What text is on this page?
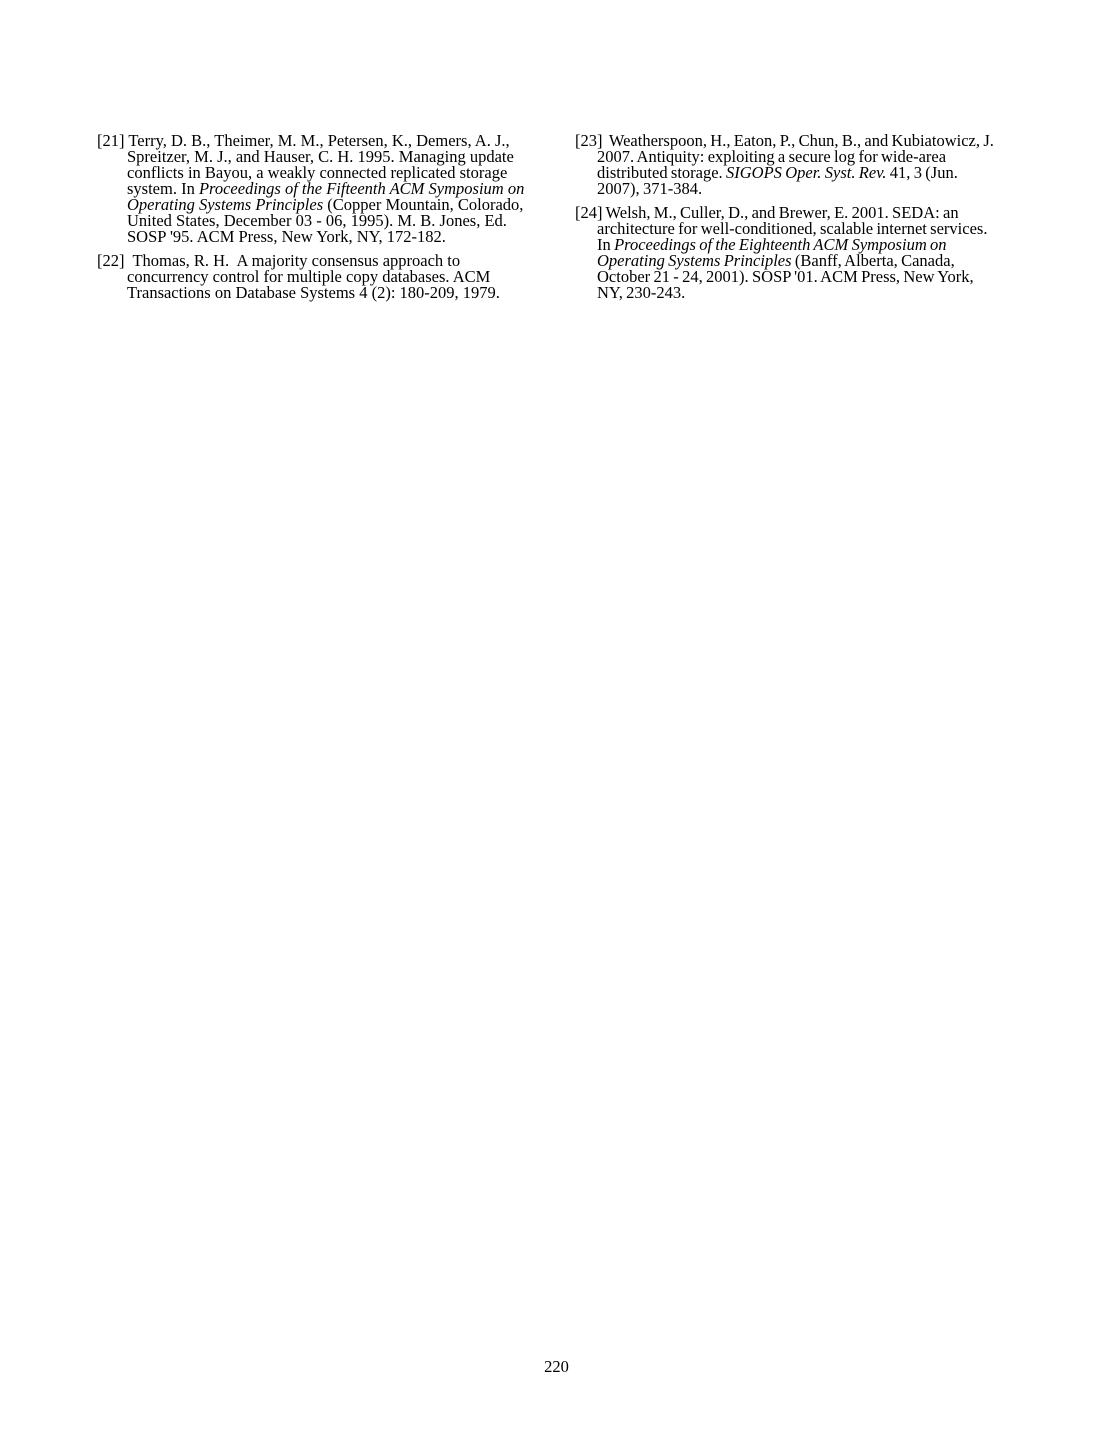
[21] Terry, D. B., Theimer, M. M., Petersen, K., Demers, A. J., Spreitzer, M. J., and Hauser, C. H. 1995. Managing update conflicts in Bayou, a weakly connected replicated storage system. In Proceedings of the Fifteenth ACM Symposium on Operating Systems Principles (Copper Mountain, Colorado, United States, December 03 - 06, 1995). M. B. Jones, Ed. SOSP '95. ACM Press, New York, NY, 172-182.

[22]  Thomas, R. H.  A majority consensus approach to concurrency control for multiple copy databases. ACM Transactions on Database Systems 4 (2): 180-209, 1979.

[23]  Weatherspoon, H., Eaton, P., Chun, B., and Kubiatowicz, J. 2007. Antiquity: exploiting a secure log for wide-area distributed storage. SIGOPS Oper. Syst. Rev. 41, 3 (Jun. 2007), 371-384.

[24] Welsh, M., Culler, D., and Brewer, E. 2001. SEDA: an architecture for well-conditioned, scalable internet services. In Proceedings of the Eighteenth ACM Symposium on Operating Systems Principles (Banff, Alberta, Canada, October 21 - 24, 2001). SOSP '01. ACM Press, New York, NY, 230-243.

220
